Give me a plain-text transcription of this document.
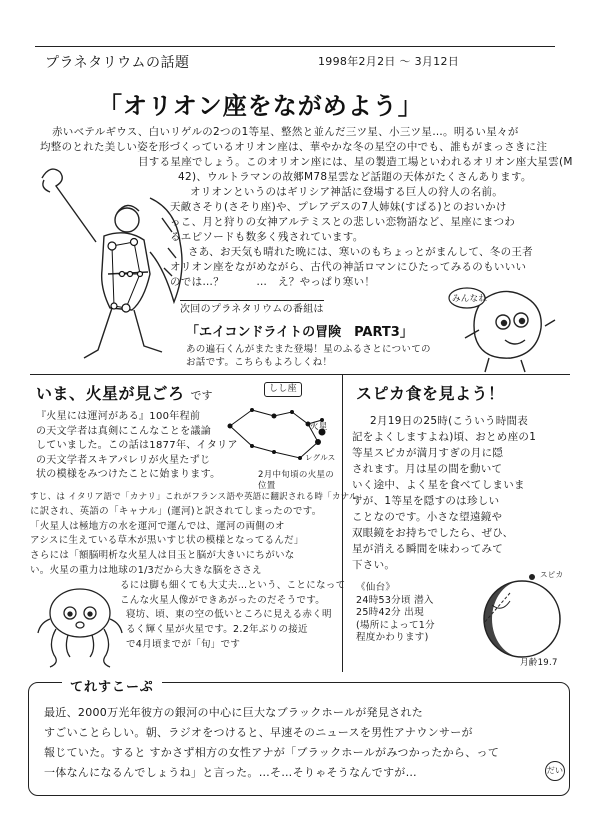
プラネタリウムの話題	1998年2月2日 ～ 3月12日
「オリオン座をながめよう」

赤いベテルギウス、白いリゲルの2つの1等星、整然と並んだ三ツ星、小三ツ星…。明るい星々が

均整のとれた美しい姿を形づくっているオリオン座は、華やかな冬の星空の中でも、誰もがまっさきに注

目する星座でしょう。このオリオン座には、星の製造工場といわれるオリオン座大星雲(M

42)、ウルトラマンの故郷M78星雲など話題の天体がたくさんあります。

オリオンというのはギリシア神話に登場する巨人の狩人の名前。

天敵さそり(さそり座)や、プレアデスの7人姉妹(すばる)とのおいかけ

っこ、月と狩りの女神アルテミスとの悲しい恋物語など、星座にまつわ

るエピソードも数多く残されています。

さあ、お天気も晴れた晩には、寒いのもちょっとがまんして、冬の王者

オリオン座をながめながら、古代の神話ロマンにひたってみるのもいいい

のでは…？　　　…　え？やっぱり寒い！

次回のプラネタリウムの番組は
「エイコンドライトの冒険　PART3」

あの遍石くんがまたまた登場！星のふるさとについての

お話です。こちらもよろしくね！

みんなね
いま、火星が見ごろ です	しし座
火星
レグルス

2月中旬頃の火星の

位置

『火星には運河がある』100年程前

の天文学者は真剣にこんなことを議論

していました。この話は1877年、イタリア

の天文学者スキアパレリが火星たずじ

状の模様をみつけたことに始まります。

すじ、は イタリア語で「カナリ」これがフランス語や英語に翻訳される時「カナル」

に訳され、英語の「キャナル」(運河)と訳されてしまったのです。

「火星人は極地方の水を運河で運んでは、運河の両側のオ

アシスに生えている草木が黒いすじ状の模様となってるんだ」

さらには「額脳明析な火星人は目玉と脳が大きいにちがいな

い。火星の重力は地球の1/3だから大きな脳をささえ

るには脚も細くても大丈夫…という、ことになって

こんな火星人像ができあがったのだそうです。

寝坊、頃、東の空の低いところに見える赤く明

るく輝く星が火星です。2.2年ぶりの接近

で4月頃までが「旬」です

スピカ食を見よう！

2月19日の25時(こういう時間表

記をよくしますよね)頃、おとめ座の1

等星スピカが満月すぎの月に隠

されます。月は星の間を動いて

いく途中、よく星を食べてしまいま

すが、1等星を隠すのは珍しい

ことなのです。小さな望遠鏡や

双眼鏡をお持ちでしたら、ぜひ、

星が消える瞬間を味わってみて

下さい。

《仙台》

24時53分頃 潜入

25時42分 出現

(場所によって1分

程度かわります)

スピカ
月齢19.7
てれすこーぷ

最近、2000万光年彼方の銀河の中心に巨大なブラックホールが発見された

すごいことらしい。朝、ラジオをつけると、早速そのニュースを男性アナウンサーが

報じていた。すると すかさず相方の女性アナが「ブラックホールがみつかったから、って

一体なんになるんでしょうね」と言った。…そ…そりゃそうなんですが…	だい
